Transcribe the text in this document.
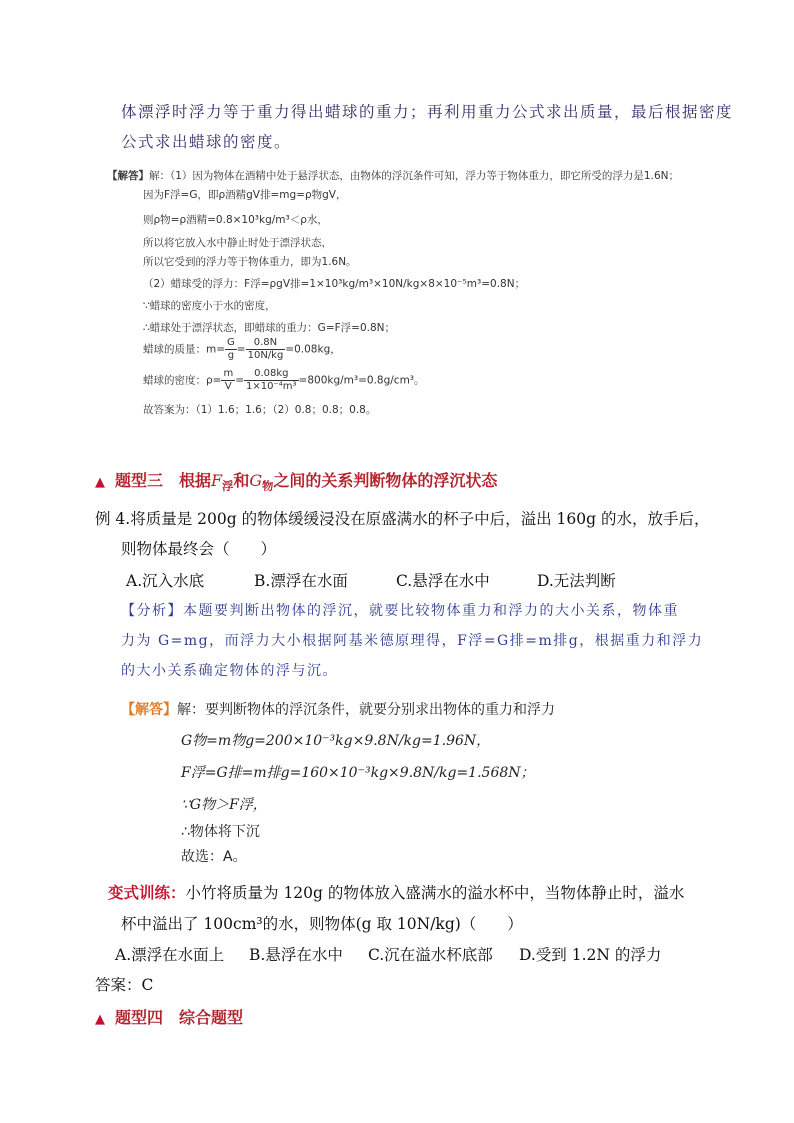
体漂浮时浮力等于重力得出蜡球的重力；再利用重力公式求出质量，最后根据密度
公式求出蜡球的密度。
【解答】解：（1）因为物体在酒精中处于悬浮状态，由物体的浮沉条件可知，浮力等于物体重力，即它所受的浮力是1.6N；
因为F浮=G，即ρ酒精gV排=mg=ρ物gV，
则ρ物=ρ酒精=0.8×10³kg/m³＜ρ水，
所以将它放入水中静止时处于漂浮状态，
所以它受到的浮力等于物体重力，即为1.6N。
（2）蜡球受的浮力：F浮=ρgV排=1×10³kg/m³×10N/kg×8×10⁻⁵m³=0.8N；
∵蜡球的密度小于水的密度，
∴蜡球处于漂浮状态，即蜡球的重力：G=F浮=0.8N；
蜡球的质量：$m= \frac{G}{g} = \frac{0.8N}{10N/kg} =0.08kg$，
蜡球的密度：$\rho= \frac{m}{V} = \frac{0.08kg}{\text{1×10⁻⁴m³}} =800kg/m^3=0.8g/cm^3$。
故答案为：（1）1.6；1.6；（2）0.8；0.8；0.8。
▲ 题型三　根据$F_浮$和$G_物$之间的关系判断物体的浮沉状态
例 4.将质量是 200g 的物体缓缓浸没在原盛满水的杯子中后，溢出 160g 的水，放手后，
则物体最终会（　　）
A.沉入水底	B.漂浮在水面	C.悬浮在水中	D.无法判断
【分析】本题要判断出物体的浮沉，就要比较物体重力和浮力的大小关系，物体重
力为 G=mg，而浮力大小根据阿基米德原理得，F浮=G排=m排g，根据重力和浮力
的大小关系确定物体的浮与沉。
【解答】解：要判断物体的浮沉条件，就要分别求出物体的重力和浮力
G物=m物g=200×10⁻³kg×9.8N/kg=1.96N，
F浮=G排=m排g=160×10⁻³kg×9.8N/kg=1.568N；
∵G物＞F浮，
∴物体将下沉
故选：A。
变式训练：小竹将质量为 120g 的物体放入盛满水的溢水杯中，当物体静止时，溢水
杯中溢出了 100cm³的水，则物体(g 取 10N/kg)（　　）
A.漂浮在水面上 B.悬浮在水中 C.沉在溢水杯底部 D.受到 1.2N 的浮力
答案：C
▲ 题型四　综合题型
